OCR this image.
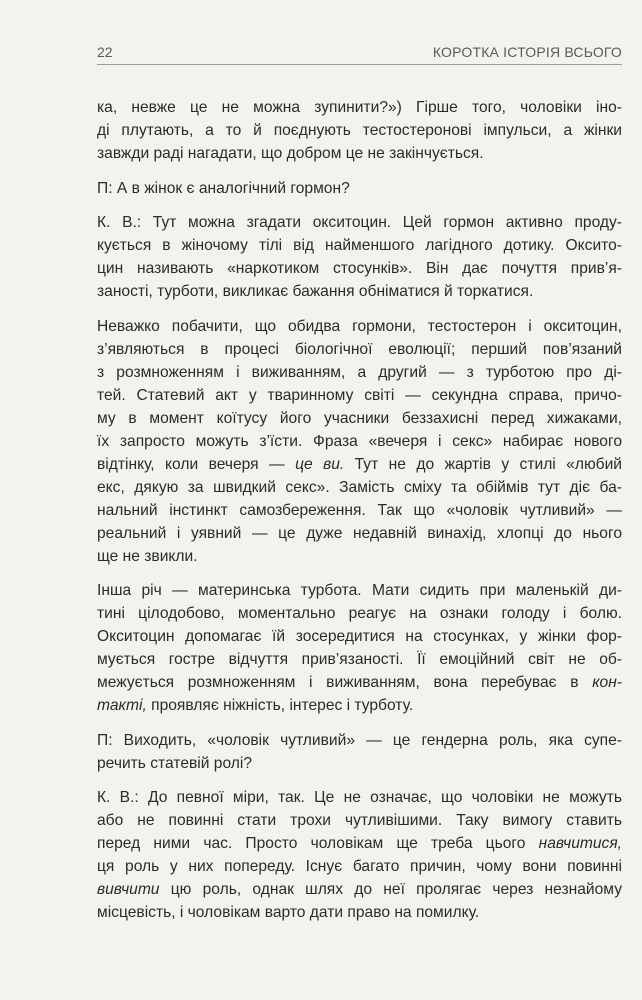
22	КОРОТКА ІСТОРІЯ ВСЬОГО
ка, невже це не можна зупинити?») Гірше того, чоловіки іно-
ді плутають, а то й поєднують тестостеронові імпульси, а жінки
завжди раді нагадати, що добром це не закінчується.
П: А в жінок є аналогічний гормон?
К. В.: Тут можна згадати окситоцин. Цей гормон активно проду-
кується в жіночому тілі від найменшого лагідного дотику. Оксито-
цин називають «наркотиком стосунків». Він дає почуття прив’я-
заності, турботи, викликає бажання обніматися й торкатися.
Неважко побачити, що обидва гормони, тестостерон і окситоцин,
з’являються в процесі біологічної еволюції; перший пов’язаний
з розмноженням і виживанням, а другий — з турботою про ді-
тей. Статевий акт у тваринному світі — секундна справа, причо-
му в момент коїтусу його учасники беззахисні перед хижаками,
їх запросто можуть з’їсти. Фраза «вечеря і секс» набирає нового
відтінку, коли вечеря — це ви. Тут не до жартів у стилі «любий
екс, дякую за швидкий секс». Замість сміху та обіймів тут діє ба-
нальний інстинкт самозбереження. Так що «чоловік чутливий» —
реальний і уявний — це дуже недавній винахід, хлопці до нього
ще не звикли.
Інша річ — материнська турбота. Мати сидить при маленькій ди-
тині цілодобово, моментально реагує на ознаки голоду і болю.
Окситоцин допомагає їй зосередитися на стосунках, у жінки фор-
мується гостре відчуття прив’язаності. Її емоційний світ не об-
межується розмноженням і виживанням, вона перебуває в кон-
такті, проявляє ніжність, інтерес і турботу.
П: Виходить, «чоловік чутливий» — це гендерна роль, яка супе-
речить статевій ролі?
К. В.: До певної міри, так. Це не означає, що чоловіки не можуть
або не повинні стати трохи чутливішими. Таку вимогу ставить
перед ними час. Просто чоловікам ще треба цього навчитися,
ця роль у них попереду. Існує багато причин, чому вони повинні
вивчити цю роль, однак шлях до неї пролягає через незнайому
місцевість, і чоловікам варто дати право на помилку.
